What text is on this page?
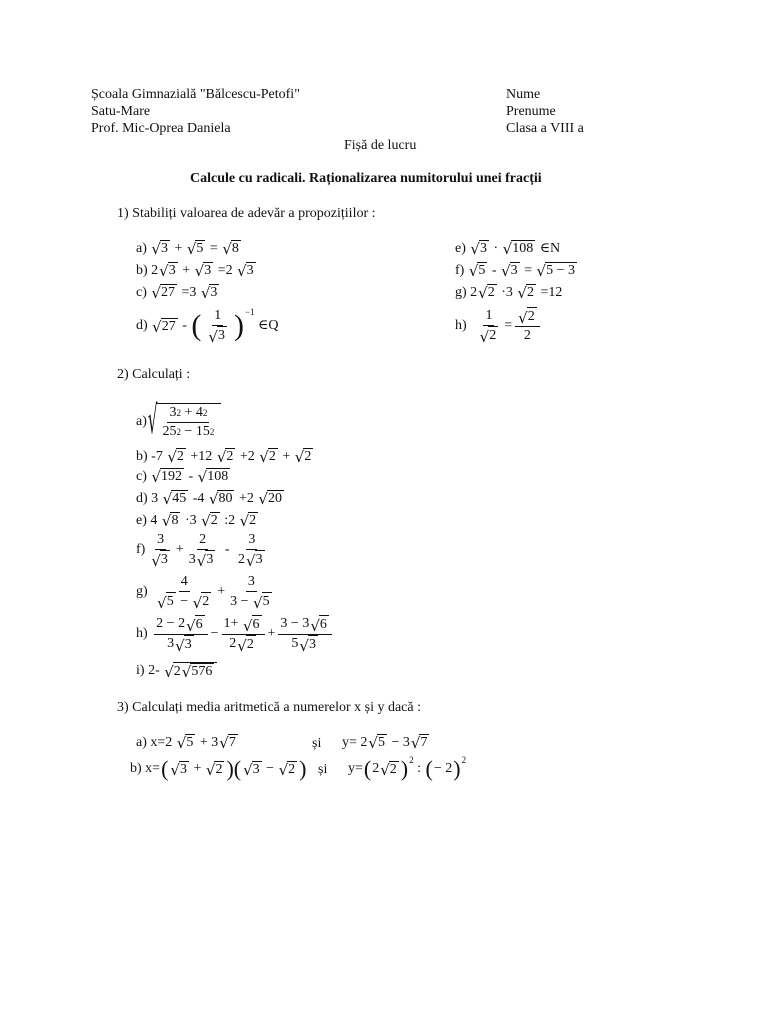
Școala Gimnazială "Bălcescu-Petofi"
Satu-Mare
Prof. Mic-Oprea Daniela
Nume
Prenume
Clasa a VIII a
Fișă de lucru
Calcule cu radicali. Raționalizarea numitorului unei fracții
1) Stabiliți valoarea de adevăr a propozițiilor :
a)
√ 3 + √ 5 = √ 8
b) 2 √ 3 + √ 3 =2 √ 3
c)
√ 27 =3 √ 3
d)
√ 27 - ( 1
√ 3 ) −1

∈Q
e)
√ 3 · √ 108
∈N
f)
√ 5 - √ 3 = √ 5 − 3
g) 2 √ 2 ·3 √ 2 =12
h)

1
√ 2
= √ 2
2
2) Calculați :
a) √ 3 2 + 4 2
25 2 − 15 2
b) -7 √ 2 +12 √ 2 +2 √ 2 + √ 2
c)
√ 192 - √ 108
d) 3 √ 45 -4 √ 80 +2 √ 20
e) 4 √ 8 ·3 √ 2 :2 √ 2
f)
3
√ 3
+
2
3 √ 3
-
3
2 √ 3
g)

4
√ 5 − √ 2
+
3
3 − √ 5
h)

2 − 2 √ 6
3 √ 3
−
1+ √ 6
2 √ 2
+
3 − 3 √ 6
5 √ 3
i) 2- √ 2 √ 576
3) Calculați media aritmetică a numerelor x și y dacă :
a) x=2 √ 5 + 3 √ 7	și y= 2 √ 5 − 3 √ 7
b) x= ( √ 3 + √ 2 )( √ 3 − √ 2 ) și y= ( 2 √ 2 ) 2
: ( − 2 ) 2
